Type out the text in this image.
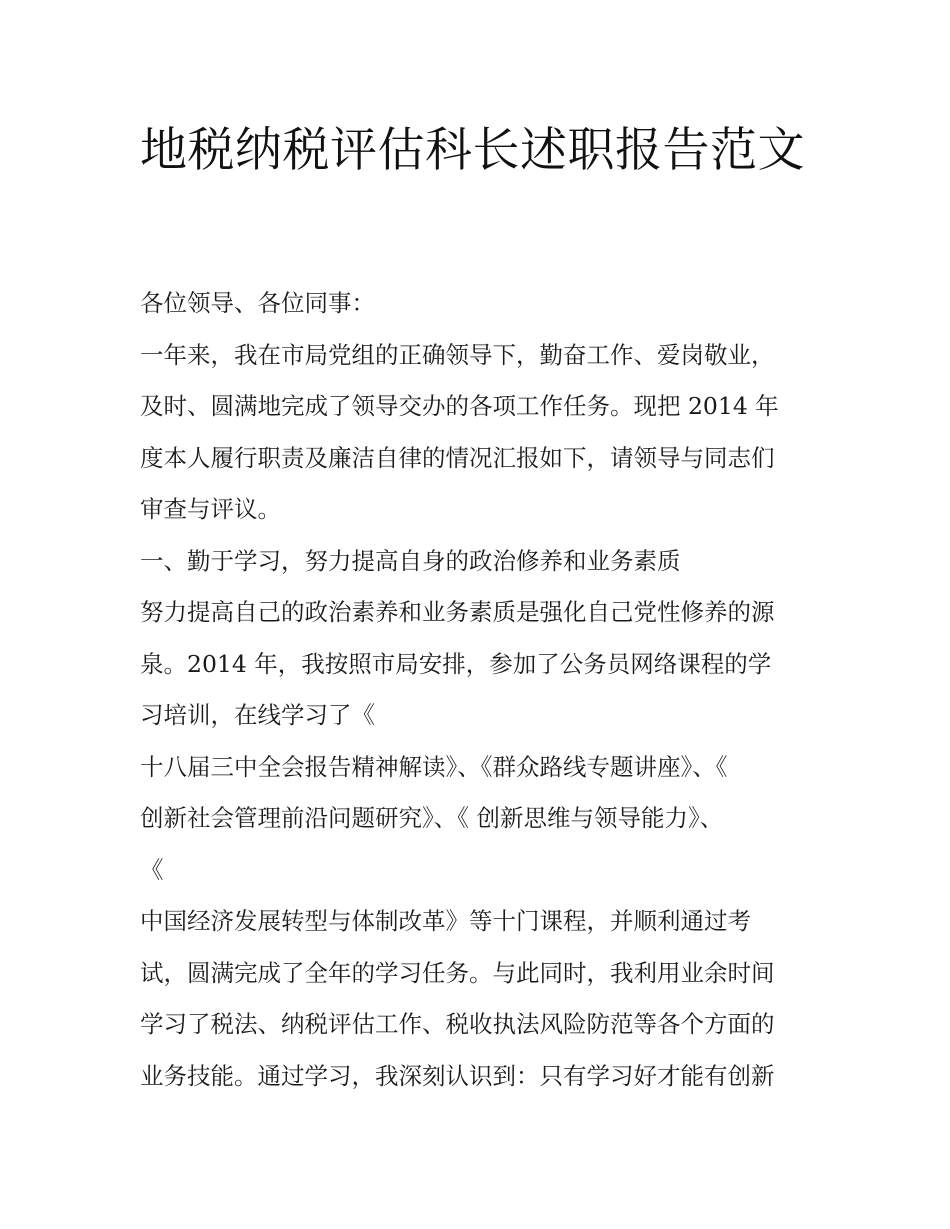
地税纳税评估科长述职报告范文
各位领导、各位同事：
一年来，我在市局党组的正确领导下，勤奋工作、爱岗敬业，
及时、圆满地完成了领导交办的各项工作任务。现把 2014 年
度本人履行职责及廉洁自律的情况汇报如下，请领导与同志们
审查与评议。
一、勤于学习，努力提高自身的政治修养和业务素质
努力提高自己的政治素养和业务素质是强化自己党性修养的源
泉。2014 年，我按照市局安排，参加了公务员网络课程的学
习培训，在线学习了《
十八届三中全会报告精神解读》、《群众路线专题讲座》、《
创新社会管理前沿问题研究》、《 创新思维与领导能力》、
《
中国经济发展转型与体制改革》等十门课程，并顺利通过考
试，圆满完成了全年的学习任务。与此同时，我利用业余时间
学习了税法、纳税评估工作、税收执法风险防范等各个方面的
业务技能。通过学习，我深刻认识到：只有学习好才能有创新
